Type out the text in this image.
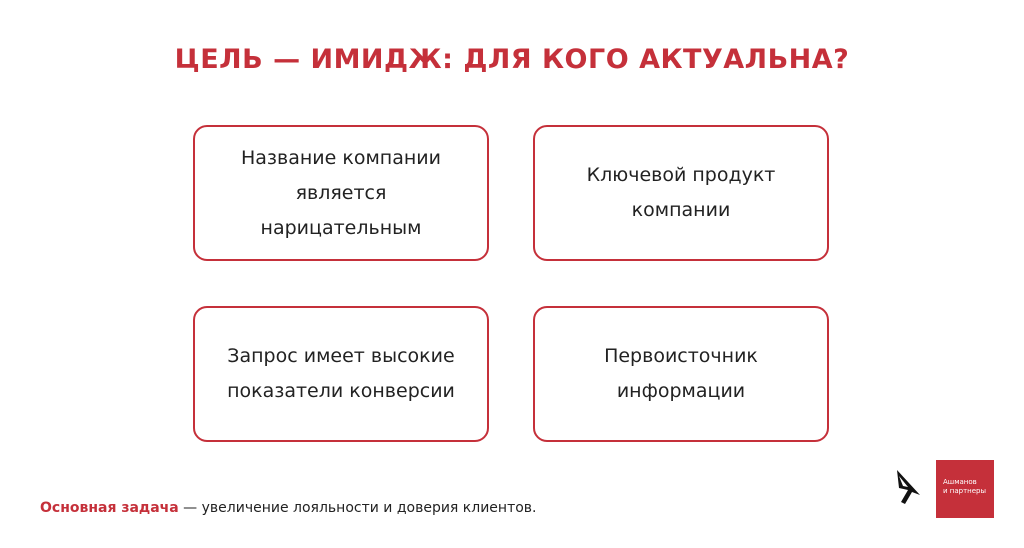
ЦЕЛЬ — ИМИДЖ: ДЛЯ КОГО АКТУАЛЬНА?
Название компании
является
нарицательным
Ключевой продукт
компании
Запрос имеет высокие
показатели конверсии
Первоисточник
информации
Основная задача — увеличение лояльности и доверия клиентов.
Ашманов
и партнеры
